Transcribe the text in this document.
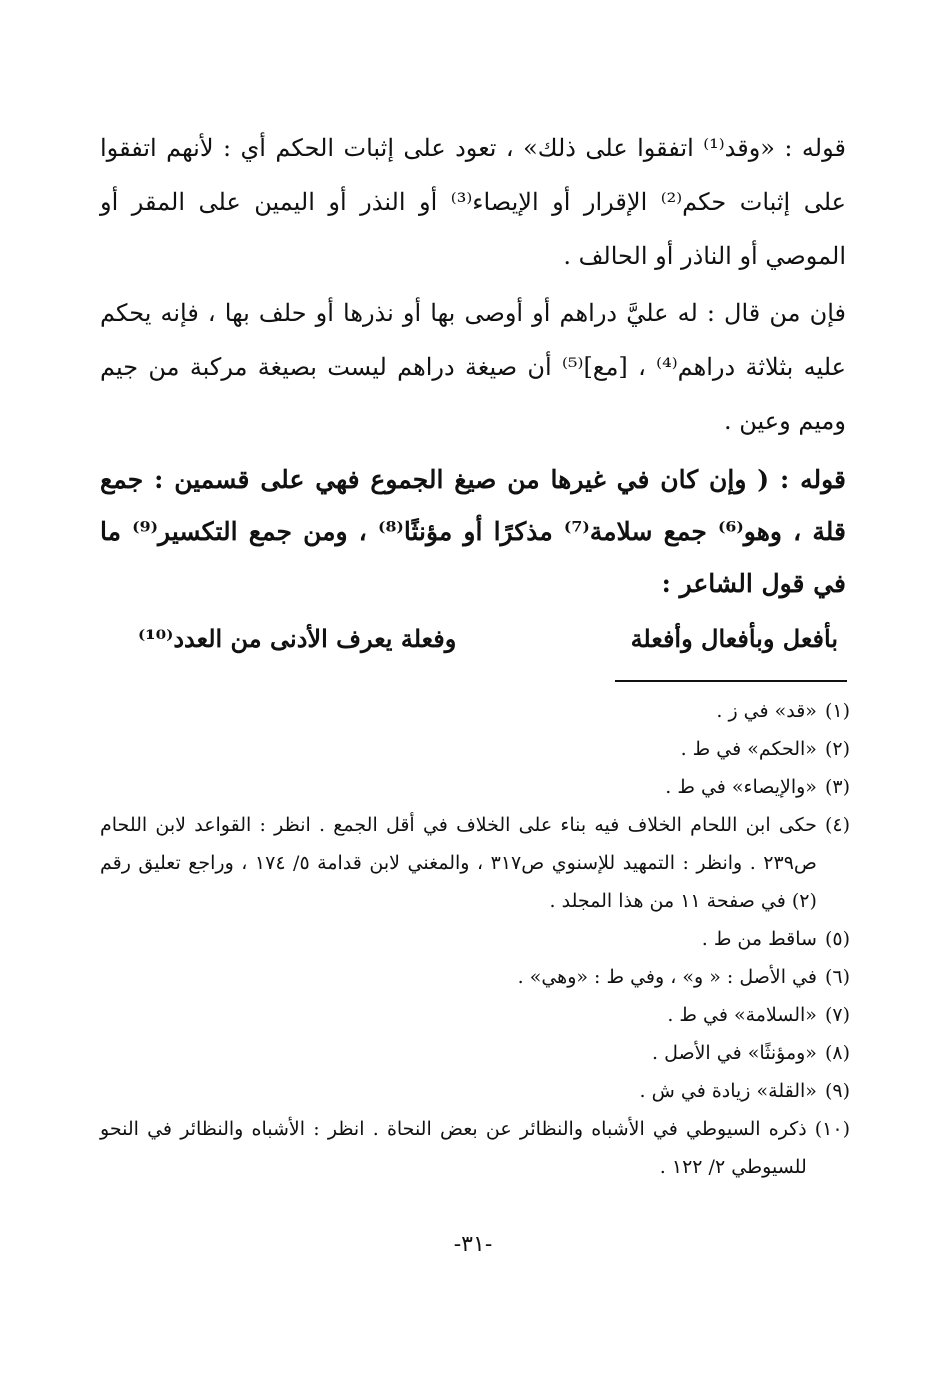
قوله : «وقد⁽¹⁾ اتفقوا على ذلك» ، تعود على إثبات الحكم أي : لأنهم اتفقوا على إثبات حكم⁽²⁾ الإقرار أو الإيصاء⁽³⁾ أو النذر أو اليمين على المقر أو الموصي أو الناذر أو الحالف .
فإن من قال : له عليَّ دراهم أو أوصى بها أو نذرها أو حلف بها ، فإنه يحكم عليه بثلاثة دراهم⁽⁴⁾ ، [مع]⁽⁵⁾ أن صيغة دراهم ليست بصيغة مركبة من جيم وميم وعين .
قوله : ( وإن كان في غيرها من صيغ الجموع فهي على قسمين : جمع قلة ، وهو⁽⁶⁾ جمع سلامة⁽⁷⁾ مذكرًا أو مؤنثًا⁽⁸⁾ ، ومن جمع التكسير⁽⁹⁾ ما في قول الشاعر :
بأفعل وبأفعال وأفعلة
وفعلة يعرف الأدنى من العدد⁽¹⁰⁾
(١)
«قد» في ز .
(٢)
«الحكم» في ط .
(٣)
«والإيصاء» في ط .
(٤)
حكى ابن اللحام الخلاف فيه بناء على الخلاف في أقل الجمع . انظر : القواعد لابن اللحام ص٢٣٩ . وانظر : التمهيد للإسنوي ص٣١٧ ، والمغني لابن قدامة ٥/ ١٧٤ ، وراجع تعليق رقم (٢) في صفحة ١١ من هذا المجلد .
(٥)
ساقط من ط .
(٦)
في الأصل : « و» ، وفي ط : «وهي» .
(٧)
«السلامة» في ط .
(٨)
«ومؤنثًا» في الأصل .
(٩)
«القلة» زيادة في ش .
(١٠)
ذكره السيوطي في الأشباه والنظائر عن بعض النحاة . انظر : الأشباه والنظائر في النحو للسيوطي ٢/ ١٢٢ .
-٣١-
